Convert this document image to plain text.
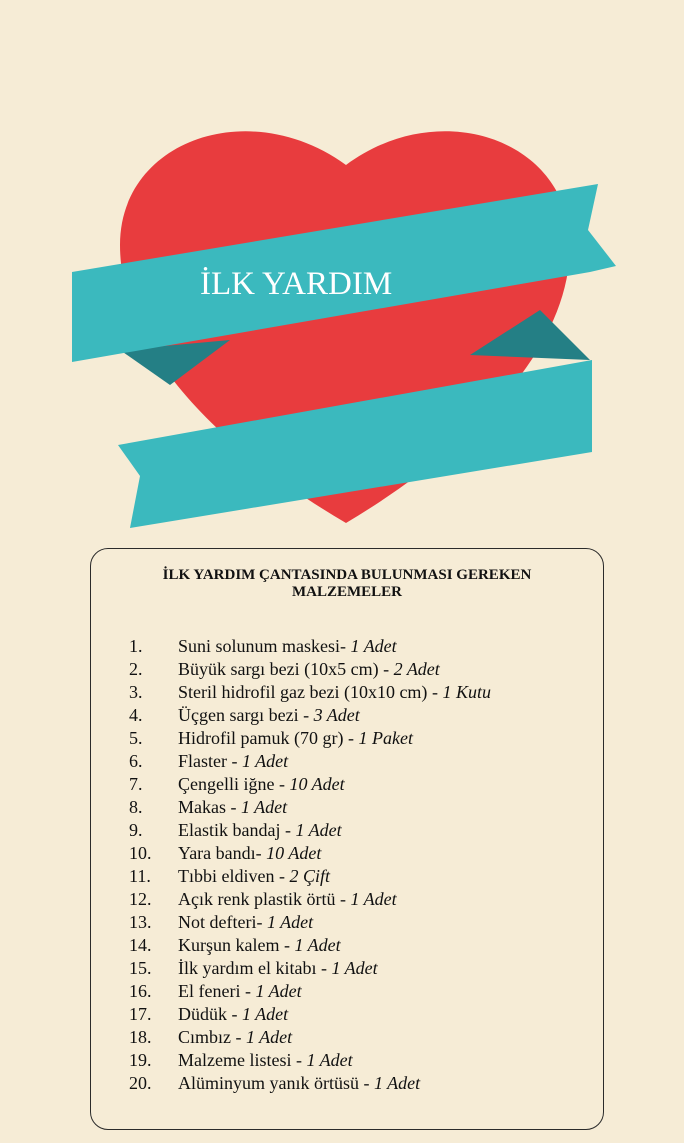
İLK YARDIM
İLK YARDIM ÇANTASINDA BULUNMASI GEREKEN MALZEMELER
1. Suni solunum maskesi- 1 Adet
2. Büyük sargı bezi (10x5 cm) - 2 Adet
3. Steril hidrofil gaz bezi (10x10 cm) - 1 Kutu
4. Üçgen sargı bezi - 3 Adet
5. Hidrofil pamuk (70 gr) - 1 Paket
6. Flaster - 1 Adet
7. Çengelli iğne - 10 Adet
8. Makas - 1 Adet
9. Elastik bandaj - 1 Adet
10. Yara bandı- 10 Adet
11. Tıbbi eldiven - 2 Çift
12. Açık renk plastik örtü - 1 Adet
13. Not defteri- 1 Adet
14. Kurşun kalem - 1 Adet
15. İlk yardım el kitabı - 1 Adet
16. El feneri - 1 Adet
17. Düdük - 1 Adet
18. Cımbız - 1 Adet
19. Malzeme listesi - 1 Adet
20. Alüminyum yanık örtüsü - 1 Adet
